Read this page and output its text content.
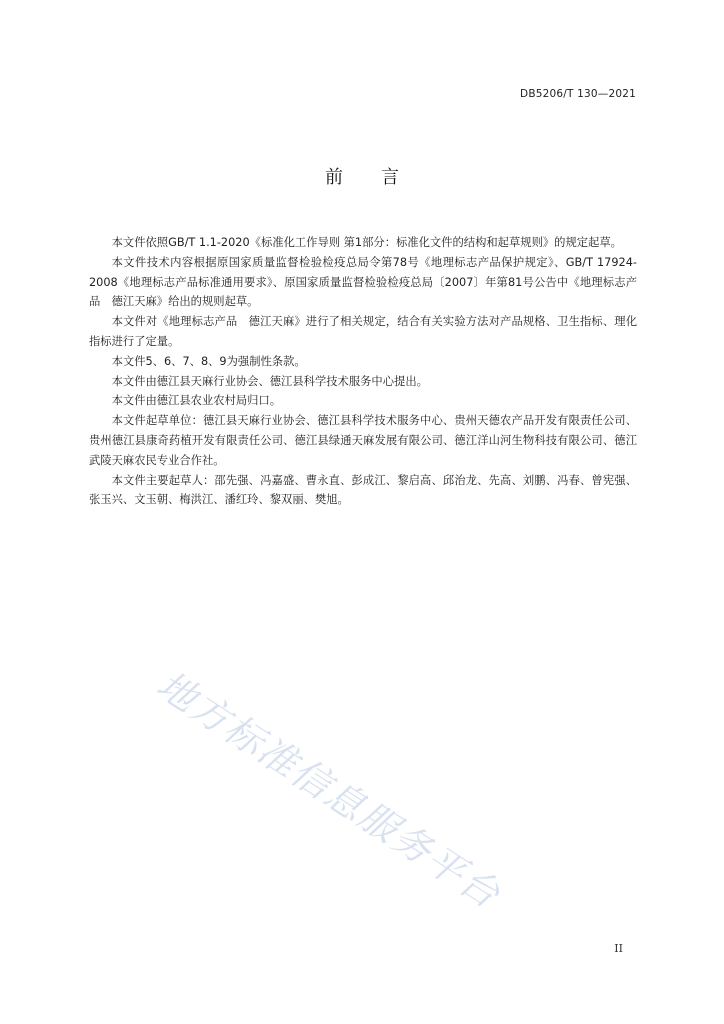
DB5206/T 130—2021
前言

本文件依照GB/T 1.1-2020《标准化工作导则 第1部分：标准化文件的结构和起草规则》的规定起草。

本文件技术内容根据原国家质量监督检验检疫总局令第78号《地理标志产品保护规定》、GB/T 17924-2008《地理标志产品标准通用要求》、原国家质量监督检验检疫总局〔2007〕年第81号公告中《地理标志产品　德江天麻》给出的规则起草。

本文件对《地理标志产品　德江天麻》进行了相关规定，结合有关实验方法对产品规格、卫生指标、理化指标进行了定量。

本文件5、6、7、8、9为强制性条款。

本文件由德江县天麻行业协会、德江县科学技术服务中心提出。

本文件由德江县农业农村局归口。

本文件起草单位：德江县天麻行业协会、德江县科学技术服务中心、贵州天德农产品开发有限责任公司、贵州德江县康奇药植开发有限责任公司、德江县绿通天麻发展有限公司、德江洋山河生物科技有限公司、德江武陵天麻农民专业合作社。

本文件主要起草人：邵先强、冯嘉盛、曹永直、彭成江、黎启高、邱治龙、先高、刘鹏、冯春、曾宪强、张玉兴、文玉朝、梅洪江、潘红玲、黎双丽、樊旭。

地方标准信息服务平台
II
